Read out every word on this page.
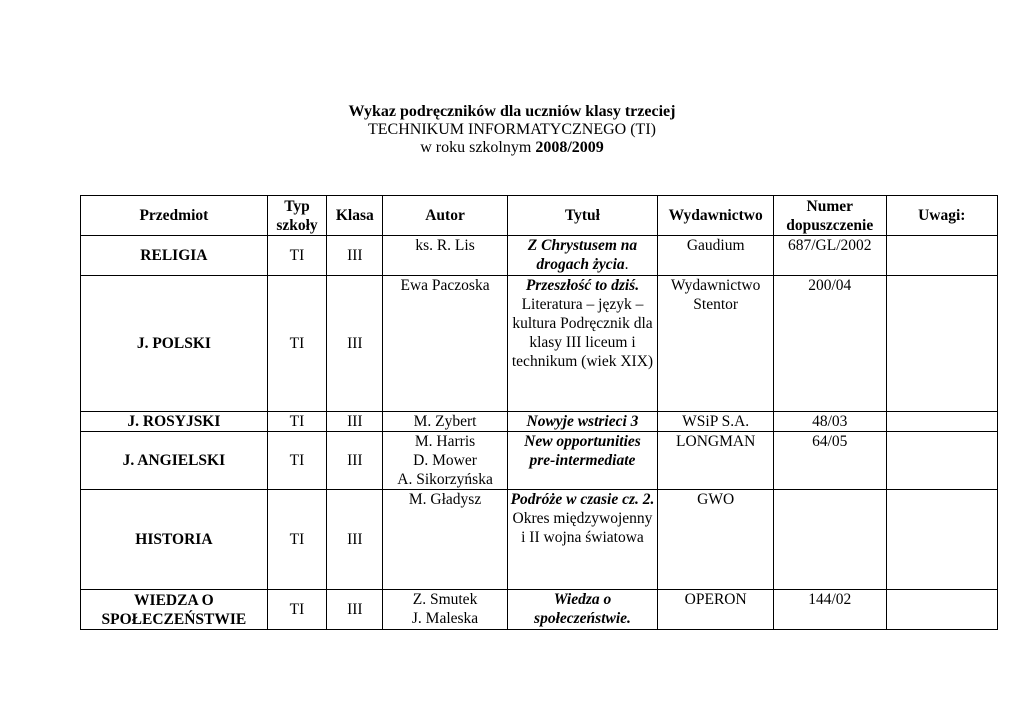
Wykaz podręczników dla uczniów klasy trzeciej
TECHNIKUM INFORMATYCZNEGO (TI)
w roku szkolnym 2008/2009
Przedmiot	Typ szkoły	Klasa	Autor	Tytuł	Wydawnictwo	Numer dopuszczenie	Uwagi:
RELIGIA	TI	III	ks. R. Lis	Z Chrystusem na drogach życia.	Gaudium	687/GL/2002	
J. POLSKI	TI	III	Ewa Paczoska	Przeszłość to dziś.
Literatura – język – kultura Podręcznik dla klasy III liceum i technikum (wiek XIX)	Wydawnictwo Stentor	200/04	
J. ROSYJSKI	TI	III	M. Zybert	Nowyje wstrieci 3	WSiP S.A.	48/03	
J. ANGIELSKI	TI	III	M. Harris
D. Mower
A. Sikorzyńska	New opportunities pre-intermediate	LONGMAN	64/05	
HISTORIA	TI	III	M. Gładysz	Podróże w czasie cz. 2.
Okres międzywojenny i II wojna światowa	GWO		
WIEDZA O SPOŁECZEŃSTWIE	TI	III	Z. Smutek
J. Maleska	Wiedza o społeczeństwie.	OPERON	144/02	
